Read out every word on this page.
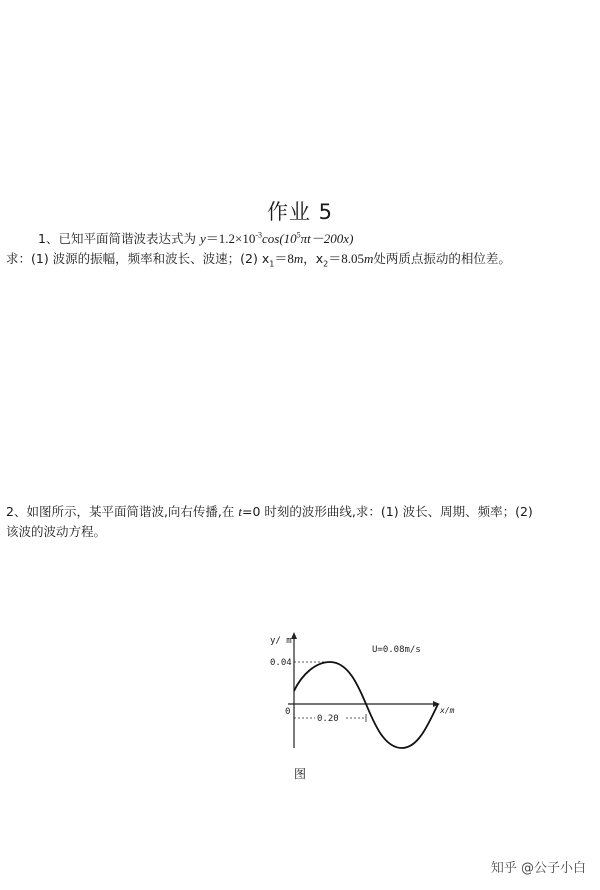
作业 5
1、已知平面简谐波表达式为 $y=1.2\times 10^{-3}\cos(10^5\pi t-200x)$
求：(1) 波源的振幅，频率和波长、波速；(2) $x_1=8m$，$x_2=8.05m$处两质点振动的相位差。
2、如图所示，某平面简谐波,向右传播,在 t=0 时刻的波形曲线,求：(1) 波长、周期、频率；(2)
该波的波动方程。
y/ m
x/m
0.04
0
0.20
U=0.08m/s
图
知乎 @公子小白
